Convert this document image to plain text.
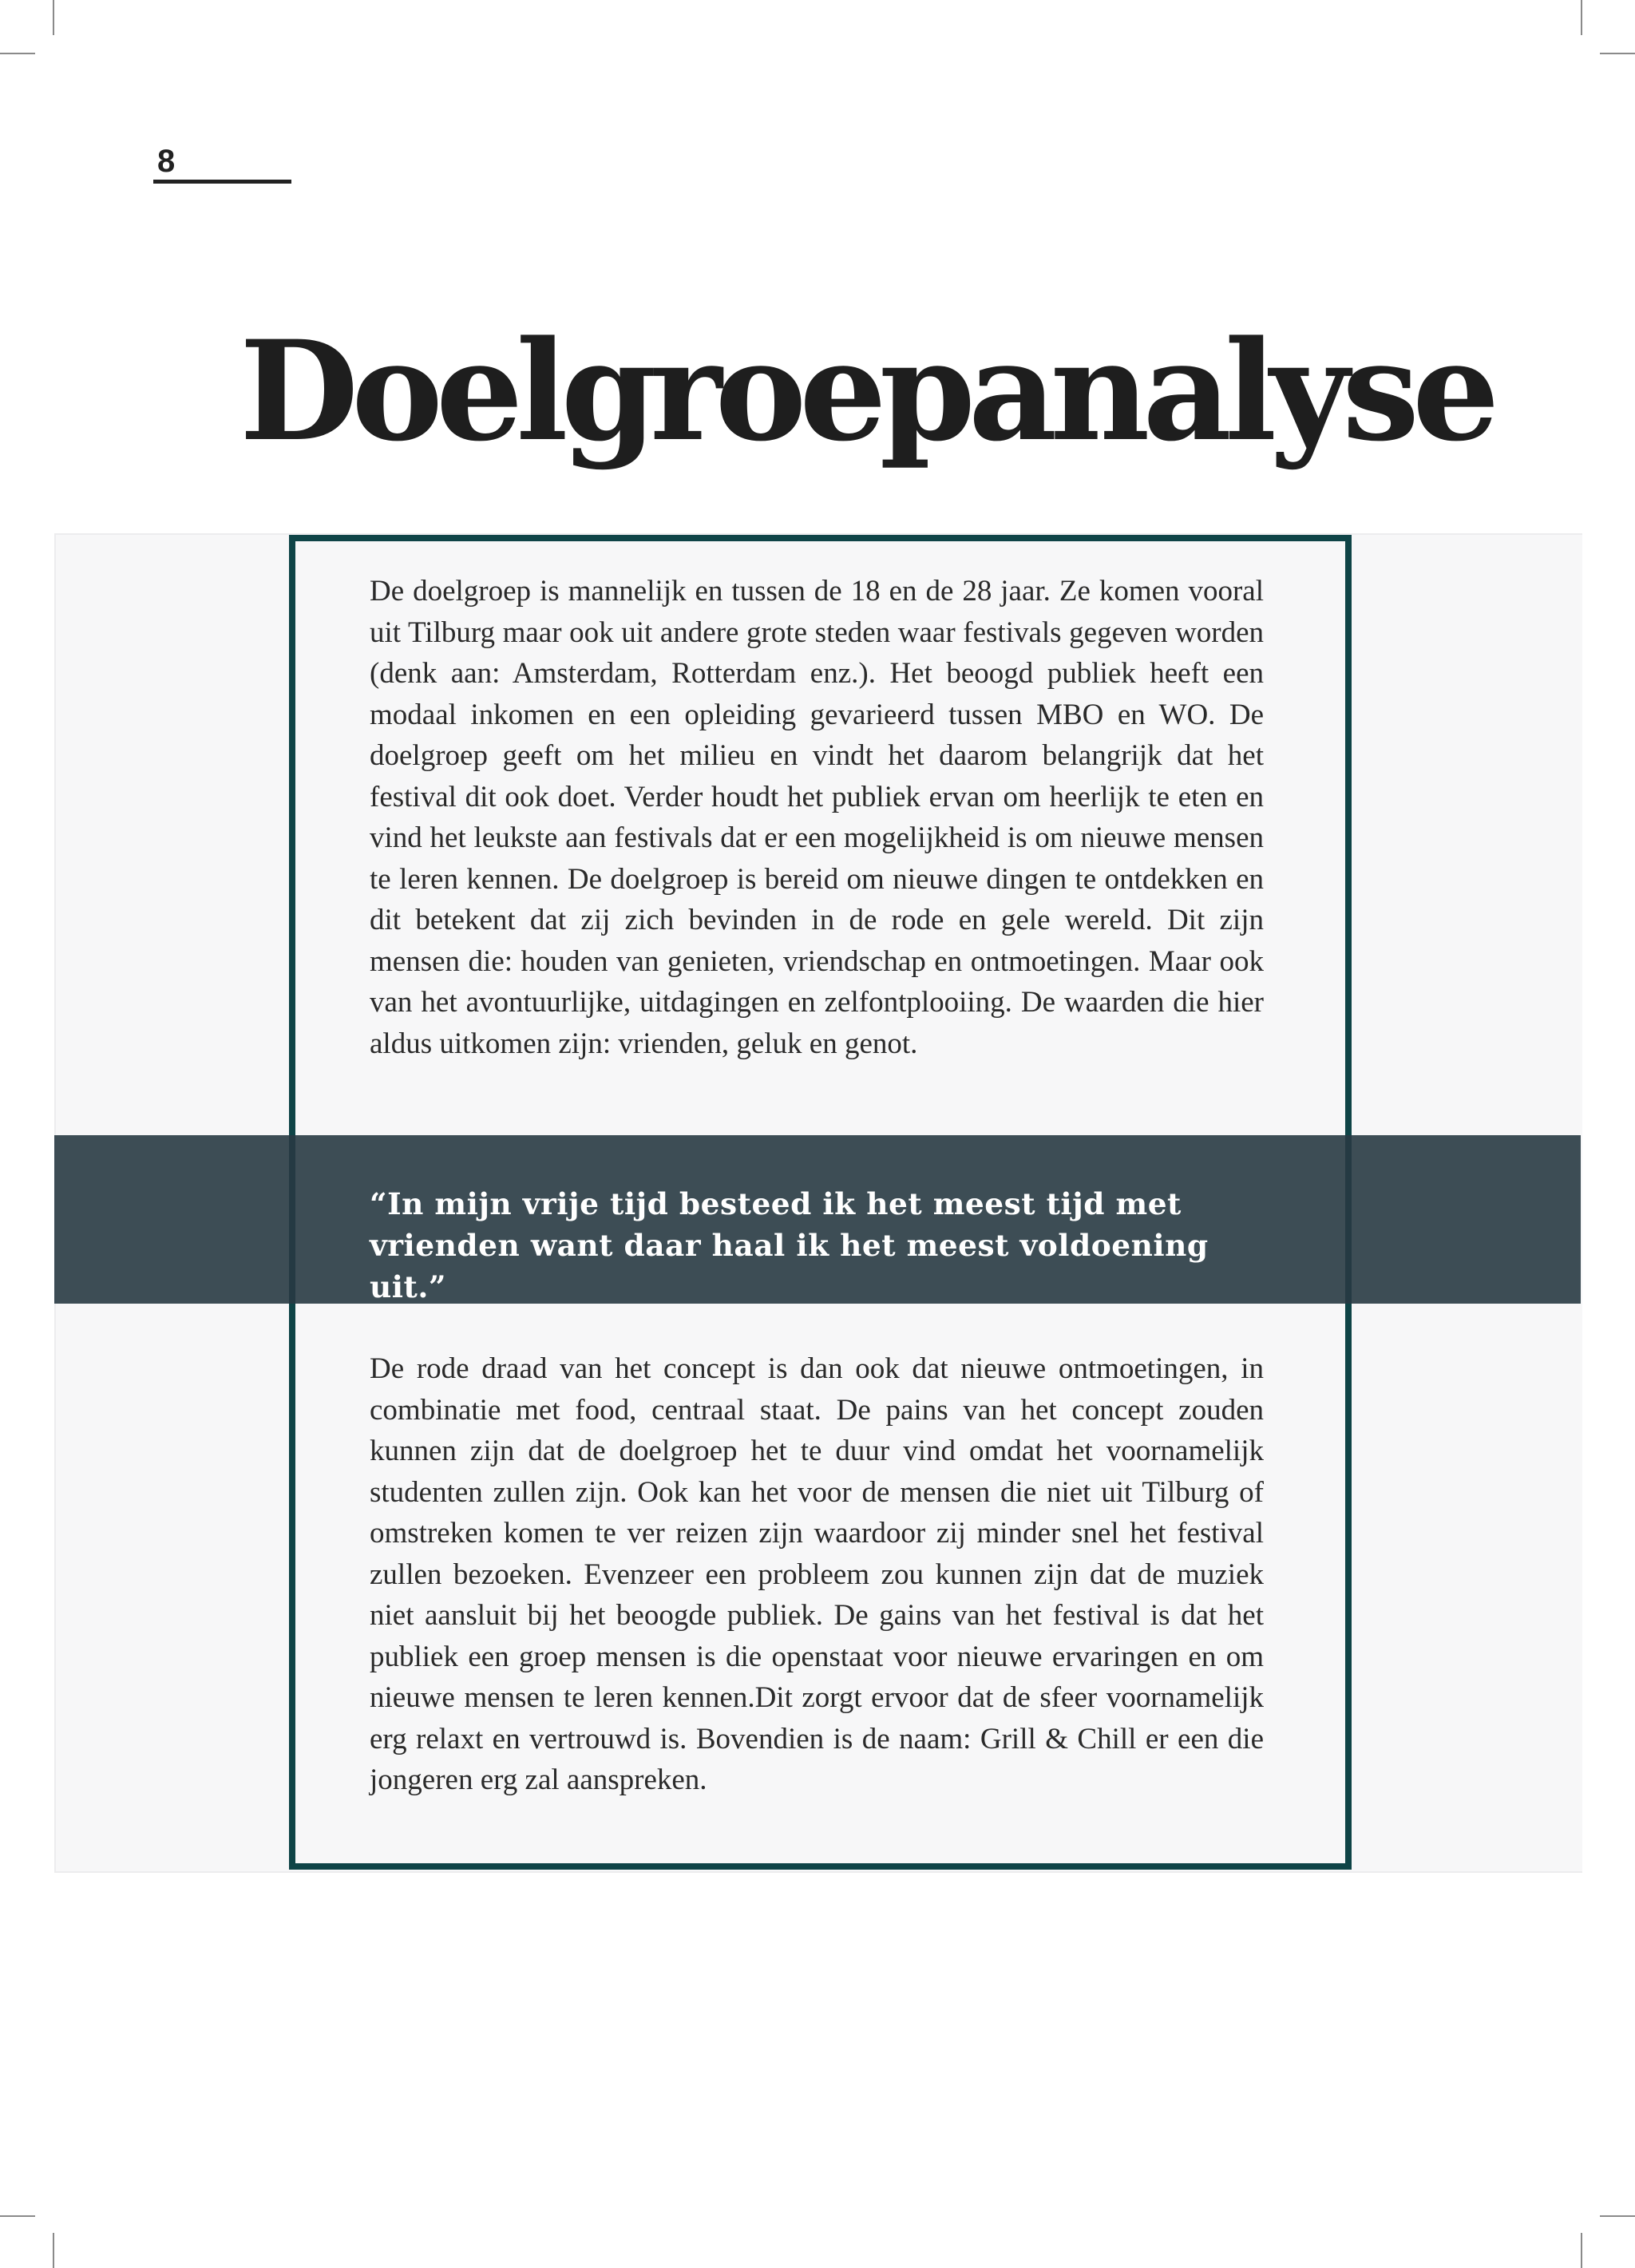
8
Doelgroepanalyse

De doelgroep is mannelijk en tussen de 18 en de 28 jaar. Ze komen vooral uit Tilburg maar ook uit andere grote steden waar festivals gegeven worden (denk aan: Amsterdam, Rotterdam enz.). Het beoogd publiek heeft een modaal inkomen en een opleiding gevarieerd tussen MBO en WO. De doelgroep geeft om het milieu en vindt het daarom belangrijk dat het festival dit ook doet. Verder houdt het publiek ervan om heerlijk te eten en vind het leukste aan festivals dat er een mogelijkheid is om nieuwe mensen te leren kennen. De doelgroep is bereid om nieuwe dingen te ontdekken en dit betekent dat zij zich bevinden in de rode en gele wereld. Dit zijn mensen die: houden van genieten, vriendschap en ontmoetingen. Maar ook van het avontuurlijke, uitdagingen en zelfontplooiing. De waarden die hier aldus uitkomen zijn: vrienden, geluk en genot.

“In mijn vrije tijd besteed ik het meest tijd met vrienden want daar haal ik het meest voldoening uit.”

De rode draad van het concept is dan ook dat nieuwe ontmoetingen, in combinatie met food, centraal staat. De pains van het concept zouden kunnen zijn dat de doelgroep het te duur vind omdat het voornamelijk studenten zullen zijn. Ook kan het voor de mensen die niet uit Tilburg of omstreken komen te ver reizen zijn waardoor zij minder snel het festival zullen bezoeken. Evenzeer een probleem zou kunnen zijn dat de muziek niet aansluit bij het beoogde publiek. De gains van het festival is dat het publiek een groep mensen is die openstaat voor nieuwe ervaringen en om nieuwe mensen te leren kennen.Dit zorgt ervoor dat de sfeer voornamelijk erg relaxt en vertrouwd is. Bovendien is de naam: Grill & Chill er een die jongeren erg zal aanspreken.
